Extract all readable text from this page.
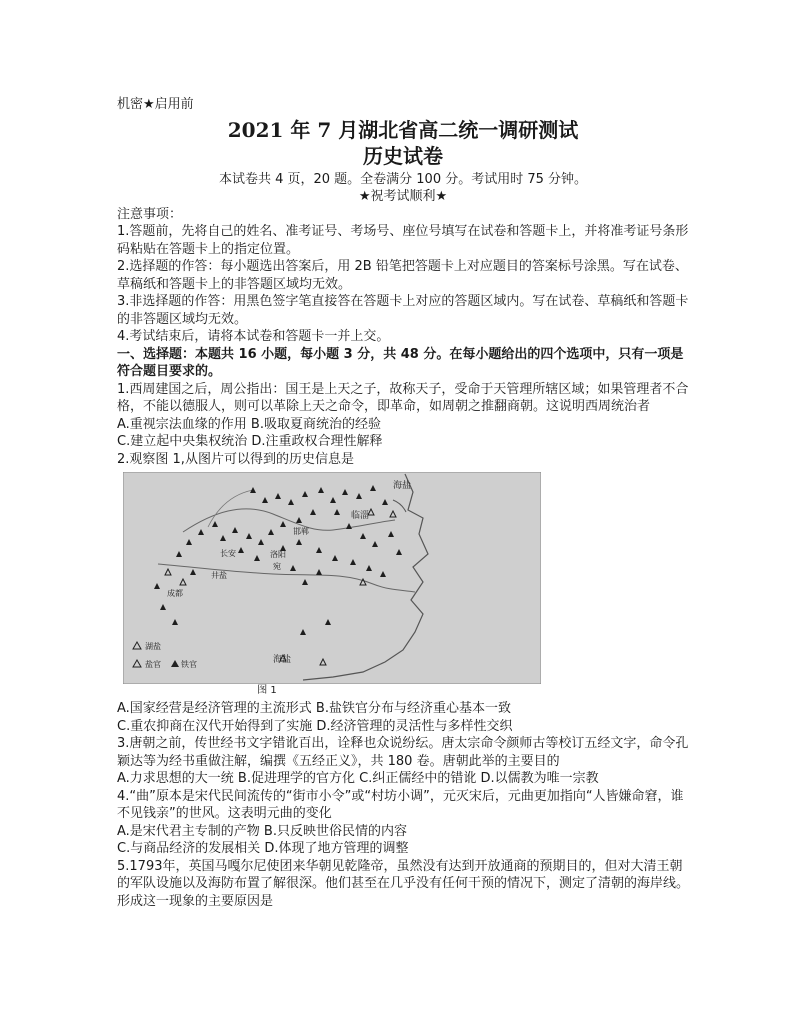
机密★启用前
2021 年 7 月湖北省高二统一调研测试
历史试卷
本试卷共 4 页，20 题。全卷满分 100 分。考试用时 75 分钟。
★祝考试顺利★
注意事项：
1.答题前，先将自己的姓名、准考证号、考场号、座位号填写在试卷和答题卡上，并将准考证号条形码粘贴在答题卡上的指定位置。
2.选择题的作答：每小题选出答案后，用 2B 铅笔把答题卡上对应题目的答案标号涂黑。写在试卷、草稿纸和答题卡上的非答题区域均无效。
3.非选择题的作答：用黑色签字笔直接答在答题卡上对应的答题区域内。写在试卷、草稿纸和答题卡的非答题区域均无效。
4.考试结束后，请将本试卷和答题卡一并上交。
一、选择题：本题共 16 小题，每小题 3 分，共 48 分。在每小题给出的四个选项中，只有一项是符合题目要求的。
1.西周建国之后，周公指出：国王是上天之子，故称天子，受命于天管理所辖区域；如果管理者不合格，不能以德服人，则可以革除上天之命令，即革命，如周朝之推翻商朝。这说明西周统治者
A.重视宗法血缘的作用 B.吸取夏商统治的经验
C.建立起中央集权统治 D.注重政权合理性解释
2.观察图 1,从图片可以得到的历史信息是
海盐
邯郸
临淄
长安	洛阳
宛
井盐
成都
海盐
湖盐
盐官	铁官
图 1
A.国家经营是经济管理的主流形式 B.盐铁官分布与经济重心基本一致
C.重农抑商在汉代开始得到了实施 D.经济管理的灵活性与多样性交织
3.唐朝之前，传世经书文字错讹百出，诠释也众说纷纭。唐太宗命令颜师古等校订五经文字，命令孔颖达等为经书重做注解，编撰《五经正义》，共 180 卷。唐朝此举的主要目的
A.力求思想的大一统 B.促进理学的官方化 C.纠正儒经中的错讹 D.以儒教为唯一宗教
4.“曲”原本是宋代民间流传的“街市小令”或“村坊小调”，元灭宋后，元曲更加指向“人皆嫌命窘，谁不见钱亲”的世风。这表明元曲的变化
A.是宋代君主专制的产物 B.只反映世俗民情的内容
C.与商品经济的发展相关 D.体现了地方管理的调整
5.1793年，英国马嘎尔尼使团来华朝见乾隆帝，虽然没有达到开放通商的预期目的，但对大清王朝的军队设施以及海防布置了解很深。他们甚至在几乎没有任何干预的情况下，测定了清朝的海岸线。形成这一现象的主要原因是
